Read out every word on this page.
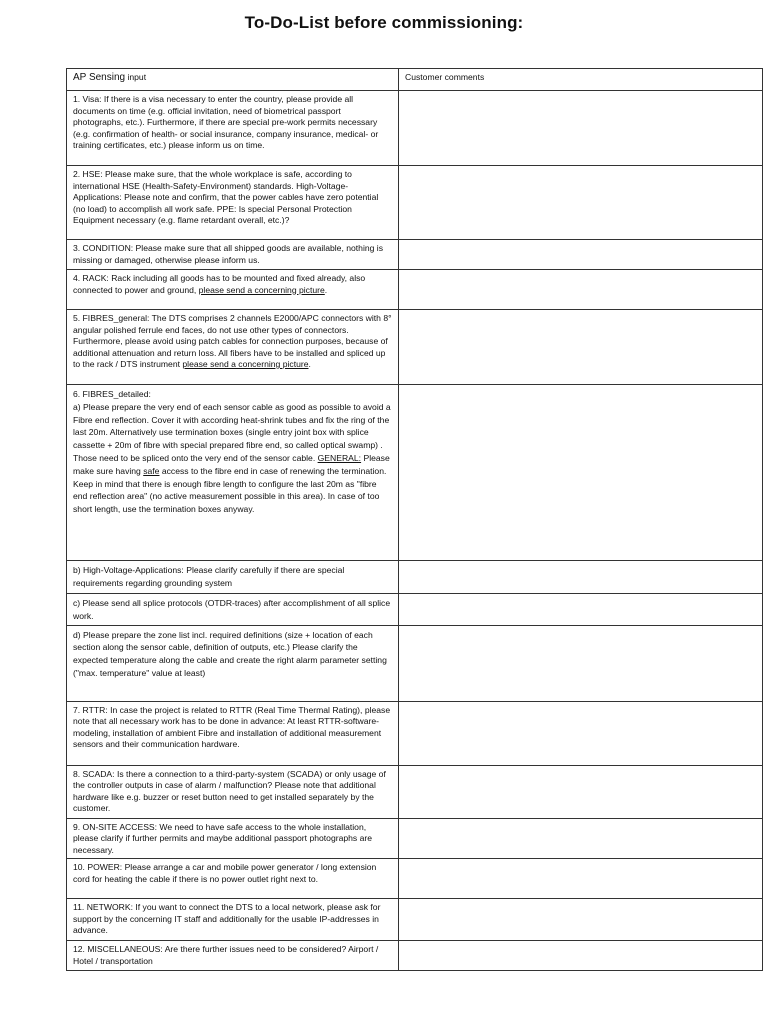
To-Do-List before commissioning:
AP Sensing input	Customer comments
1. Visa: If there is a visa necessary to enter the country, please provide all documents on time (e.g. official invitation, need of biometrical passport photographs, etc.). Furthermore, if there are special pre-work permits necessary (e.g. confirmation of health- or social insurance, company insurance, medical- or training certificates, etc.) please inform us on time.	
2. HSE: Please make sure, that the whole workplace is safe, according to international HSE (Health-Safety-Environment) standards. High-Voltage-Applications: Please note and confirm, that the power cables have zero potential (no load) to accomplish all work safe. PPE: Is special Personal Protection Equipment necessary (e.g. flame retardant overall, etc.)?	
3. CONDITION: Please make sure that all shipped goods are available, nothing is missing or damaged, otherwise please inform us.	
4. RACK: Rack including all goods has to be mounted and fixed already, also connected to power and ground, please send a concerning picture.	
5. FIBRES_general: The DTS comprises 2 channels E2000/APC connectors with 8° angular polished ferrule end faces, do not use other types of connectors. Furthermore, please avoid using patch cables for connection purposes, because of additional attenuation and return loss. All fibers have to be installed and spliced up to the rack / DTS instrument please send a concerning picture.	

6. FIBRES_detailed:
a) Please prepare the very end of each sensor cable as good as possible to avoid a Fibre end reflection. Cover it with according heat-shrink tubes and fix the ring of the last 20m. Alternatively use termination boxes (single entry joint box with splice cassette + 20m of fibre with special prepared fibre end, so called optical swamp) . Those need to be spliced onto the very end of the sensor cable. GENERAL: Please make sure having safe access to the fibre end in case of renewing the termination. Keep in mind that there is enough fibre length to configure the last 20m as "fibre end reflection area" (no active measurement possible in this area). In case of too short length, use the termination boxes anyway.	
b) High-Voltage-Applications: Please clarify carefully if there are special requirements regarding grounding system	
c) Please send all splice protocols (OTDR-traces) after accomplishment of all splice work.	
d) Please prepare the zone list incl. required definitions (size + location of each section along the sensor cable, definition of outputs, etc.) Please clarify the expected temperature along the cable and create the right alarm parameter setting ("max. temperature" value at least)	
7. RTTR: In case the project is related to RTTR (Real Time Thermal Rating), please note that all necessary work has to be done in advance: At least RTTR-software-modeling, installation of ambient Fibre and installation of additional measurement sensors and their communication hardware.	
8. SCADA: Is there a connection to a third-party-system (SCADA) or only usage of the controller outputs in case of alarm / malfunction? Please note that additional hardware like e.g. buzzer or reset button need to get installed separately by the customer.	
9. ON-SITE ACCESS: We need to have safe access to the whole installation, please clarify if further permits and maybe additional passport photographs are necessary.	
10. POWER: Please arrange a car and mobile power generator / long extension cord for heating the cable if there is no power outlet right next to.	
11. NETWORK: If you want to connect the DTS to a local network, please ask for support by the concerning IT staff and additionally for the usable IP-addresses in advance.	
12. MISCELLANEOUS: Are there further issues need to be considered? Airport / Hotel / transportation	
